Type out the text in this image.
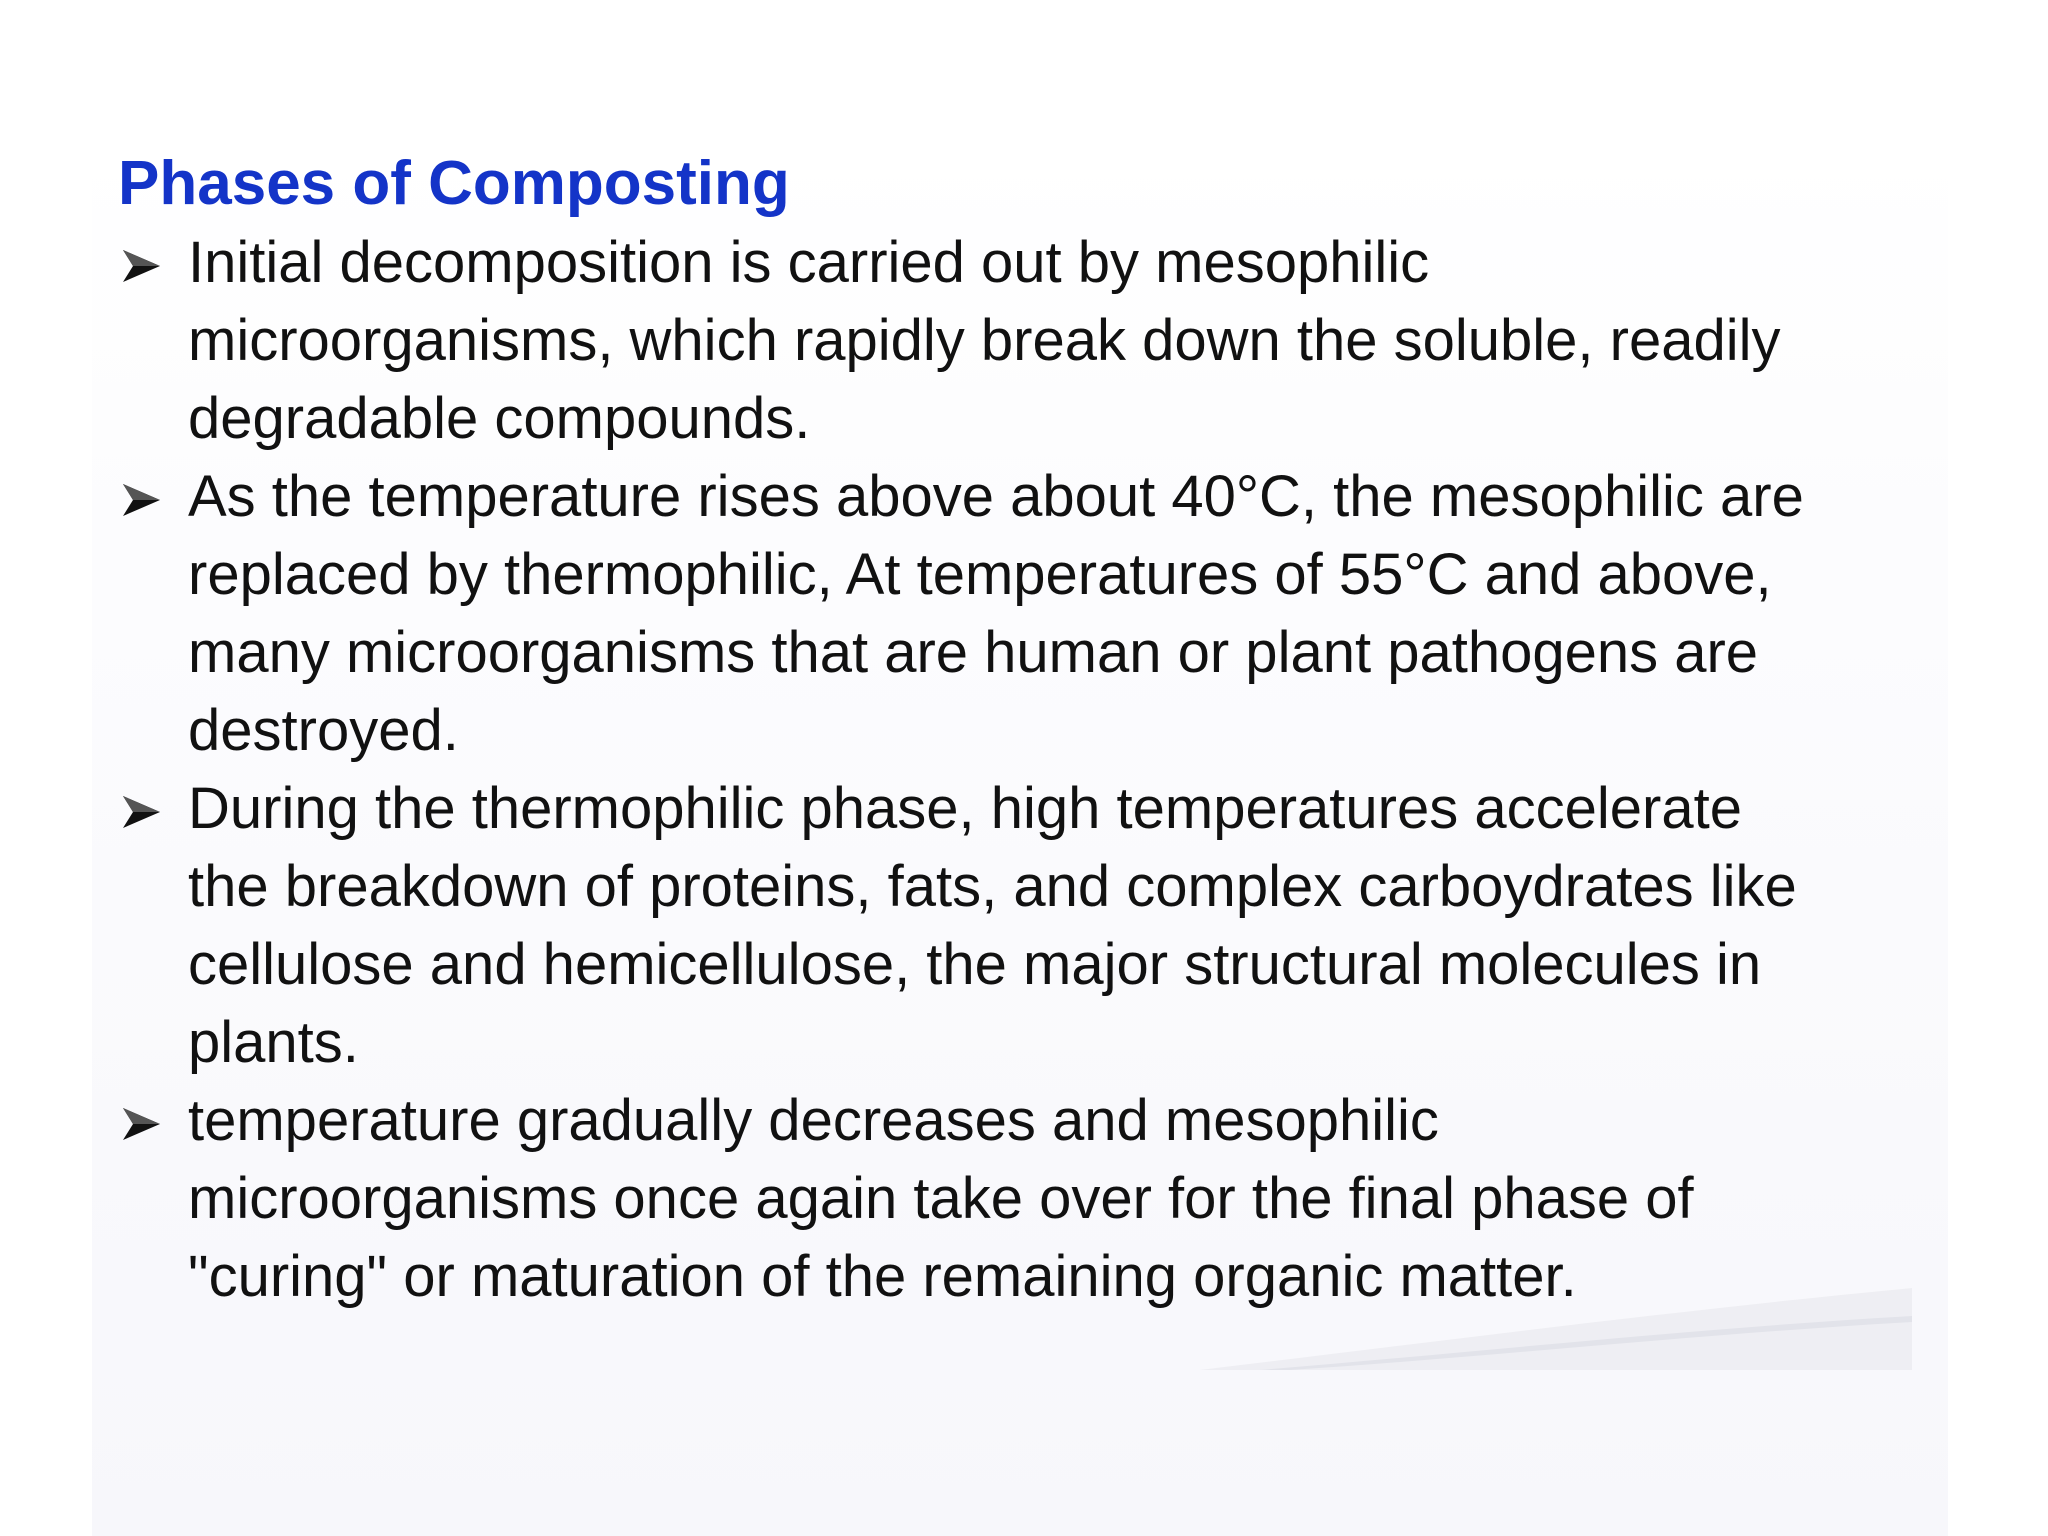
Phases of Composting
Initial decomposition is carried out by mesophilic
microorganisms, which rapidly break down the soluble, readily
degradable compounds.
As the temperature rises above about 40°C, the mesophilic are
replaced by thermophilic, At temperatures of 55°C and above,
many microorganisms that are human or plant pathogens are
destroyed.
During the thermophilic phase, high temperatures accelerate
the breakdown of proteins, fats, and complex carboydrates like
cellulose and hemicellulose, the major structural molecules in
plants.
temperature gradually decreases and mesophilic
microorganisms once again take over for the final phase of
"curing" or maturation of the remaining organic matter.
